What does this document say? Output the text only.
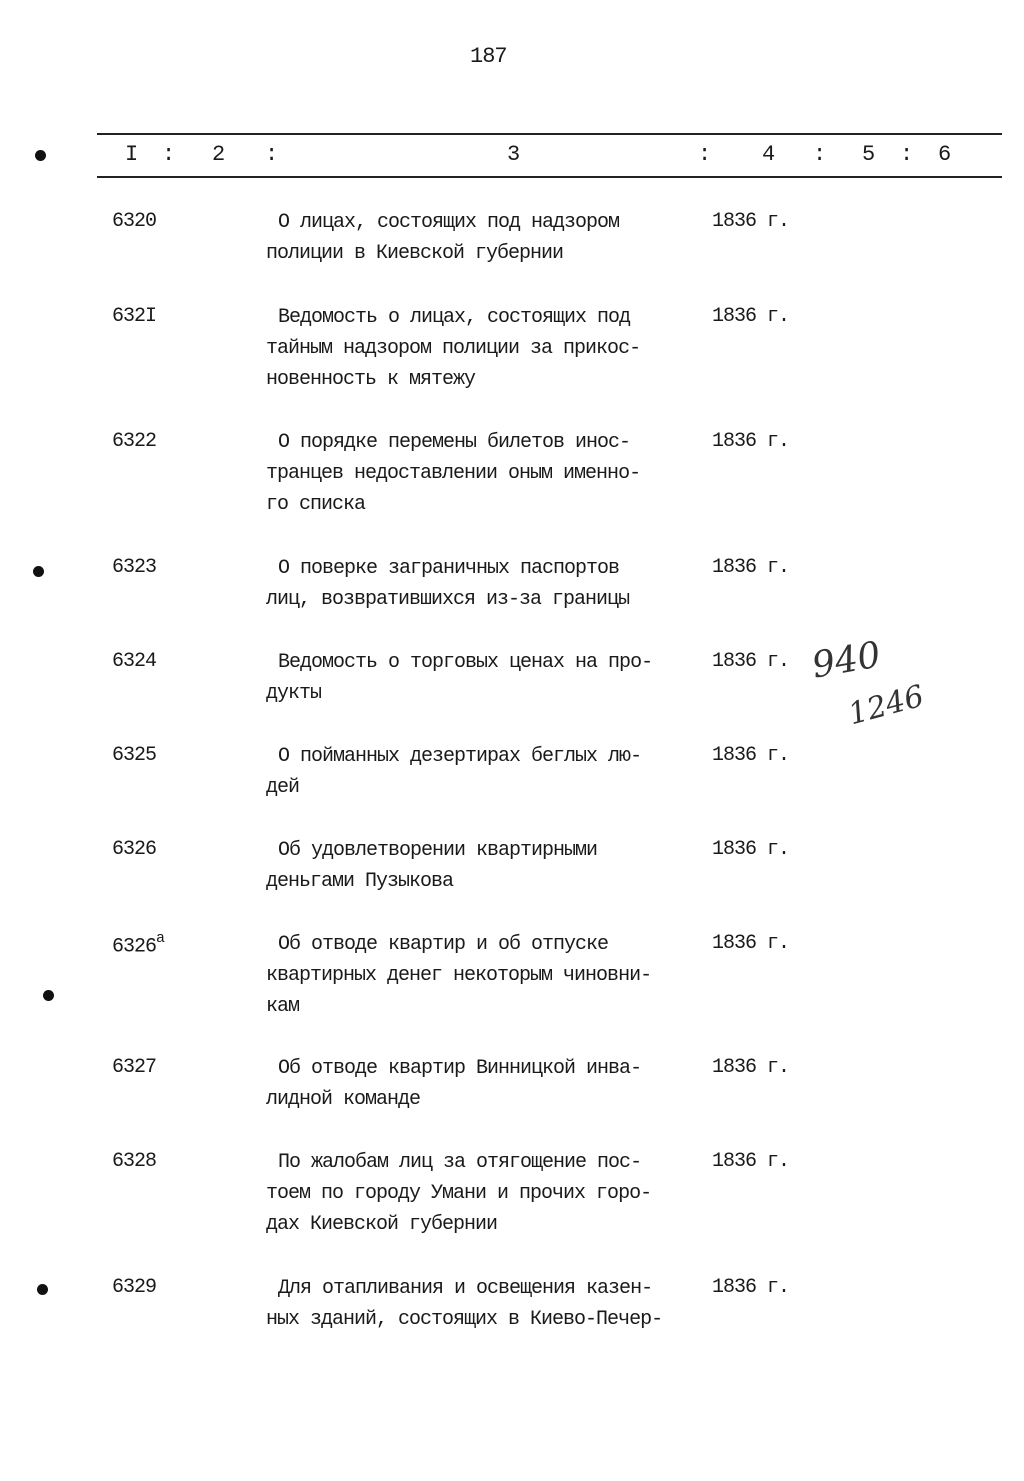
187
I : 2 :	3	: 4 : 5 : 6
6320	О лицах, состоящих под надзором
полиции в Киевской губернии
1836 г.
632I	Ведомость о лицах, состоящих под
тайным надзором полиции за прикос-
новенность к мятежу
1836 г.
6322	О порядке перемены билетов инос-
транцев недоставлении оным именно-
го списка
1836 г.
6323	О поверке заграничных паспортов
лиц, возвратившихся из-за границы
1836 г.
6324	Ведомость о торговых ценах на про-
дукты
1836 г.
6325	О пойманных дезертирах беглых лю-
дей
1836 г.
6326	Об удовлетворении квартирными
деньгами Пузыкова
1836 г.
$6326^а$	Об отводе квартир и об отпуске
квартирных денег некоторым чиновни-
кам
1836 г.
6327	Об отводе квартир Винницкой инва-
лидной команде
1836 г.
6328	По жалобам лиц за отягощение пос-
тоем по городу Умани и прочих горо-
дах Киевской губернии
1836 г.
6329	Для отапливания и освещения казен-
ных зданий, состоящих в Киево-Печер-
1836 г.
940
1246
